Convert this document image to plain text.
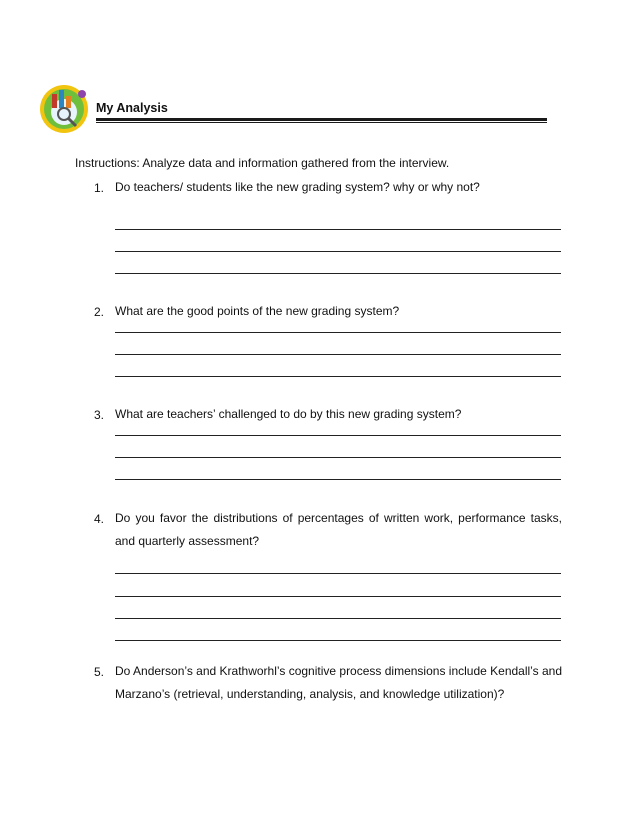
My Analysis
Instructions: Analyze data and information gathered from the interview.
1. Do teachers/ students like the new grading system? why or why not?
2. What are the good points of the new grading system?
3. What are teachers’ challenged to do by this new grading system?
4. Do you favor the distributions of percentages of written work, performance tasks, and quarterly assessment?
5. Do Anderson’s and Krathworhl’s cognitive process dimensions include Kendall’s and Marzano’s (retrieval, understanding, analysis, and knowledge utilization)?
